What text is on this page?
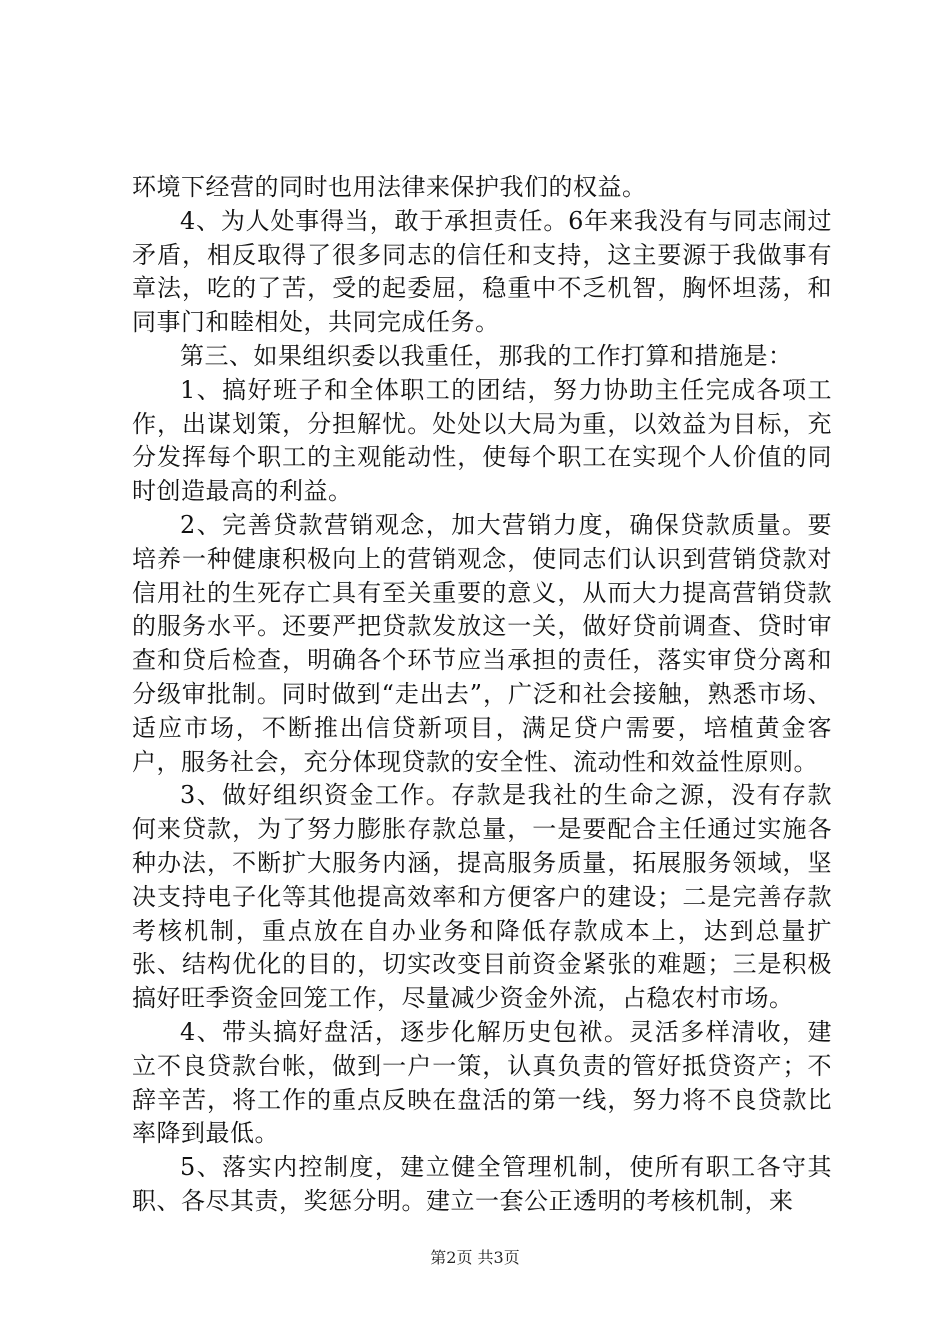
环境下经营的同时也用法律来保护我们的权益。

4、为人处事得当，敢于承担责任。6年来我没有与同志闹过矛盾，相反取得了很多同志的信任和支持，这主要源于我做事有章法，吃的了苦，受的起委屈，稳重中不乏机智，胸怀坦荡，和同事门和睦相处，共同完成任务。

第三、如果组织委以我重任，那我的工作打算和措施是：

1、搞好班子和全体职工的团结，努力协助主任完成各项工作，出谋划策，分担解忧。处处以大局为重，以效益为目标，充分发挥每个职工的主观能动性，使每个职工在实现个人价值的同时创造最高的利益。

2、完善贷款营销观念，加大营销力度，确保贷款质量。要培养一种健康积极向上的营销观念，使同志们认识到营销贷款对信用社的生死存亡具有至关重要的意义，从而大力提高营销贷款的服务水平。还要严把贷款发放这一关，做好贷前调查、贷时审查和贷后检查，明确各个环节应当承担的责任，落实审贷分离和分级审批制。同时做到“走出去”，广泛和社会接触，熟悉市场、适应市场，不断推出信贷新项目，满足贷户需要，培植黄金客户，服务社会，充分体现贷款的安全性、流动性和效益性原则。

3、做好组织资金工作。存款是我社的生命之源，没有存款何来贷款，为了努力膨胀存款总量，一是要配合主任通过实施各种办法，不断扩大服务内涵，提高服务质量，拓展服务领域，坚决支持电子化等其他提高效率和方便客户的建设；二是完善存款考核机制，重点放在自办业务和降低存款成本上，达到总量扩张、结构优化的目的，切实改变目前资金紧张的难题；三是积极搞好旺季资金回笼工作，尽量减少资金外流，占稳农村市场。

4、带头搞好盘活，逐步化解历史包袱。灵活多样清收，建立不良贷款台帐，做到一户一策，认真负责的管好抵贷资产；不辞辛苦，将工作的重点反映在盘活的第一线，努力将不良贷款比率降到最低。

5、落实内控制度，建立健全管理机制，使所有职工各守其职、各尽其责，奖惩分明。建立一套公正透明的考核机制，来

第2页 共3页
